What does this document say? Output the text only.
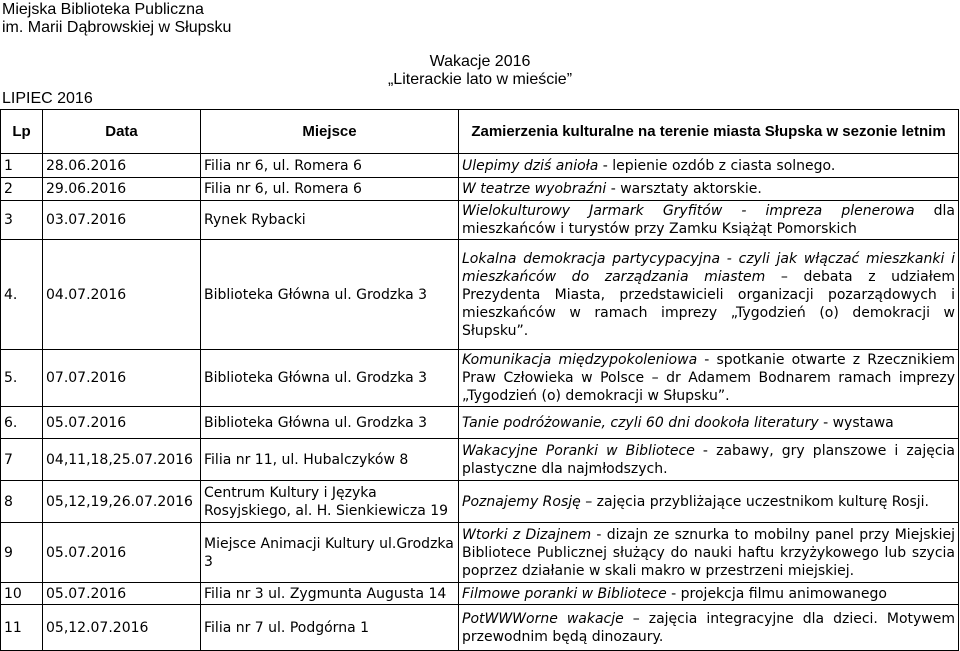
Miejska Biblioteka Publiczna
im. Marii Dąbrowskiej w Słupsku
Wakacje 2016
„Literackie lato w mieście”
LIPIEC 2016
Lp	Data	Miejsce	Zamierzenia kulturalne na terenie miasta Słupska w sezonie letnim
1	28.06.2016	Filia nr 6, ul. Romera 6	Ulepimy dziś anioła - lepienie ozdób z ciasta solnego.
2	29.06.2016	Filia nr 6, ul. Romera 6	W teatrze wyobraźni - warsztaty aktorskie.
3	03.07.2016	Rynek Rybacki	Wielokulturowy Jarmark Gryfitów - impreza plenerowa dla mieszkańców i turystów przy Zamku Książąt Pomorskich
4.	04.07.2016	Biblioteka Główna ul. Grodzka 3	Lokalna demokracja partycypacyjna - czyli jak włączać mieszkanki i mieszkańców do zarządzania miastem – debata z udziałem Prezydenta Miasta, przedstawicieli organizacji pozarządowych i mieszkańców w ramach imprezy „Tygodzień (o) demokracji w Słupsku”.
5.	07.07.2016	Biblioteka Główna ul. Grodzka 3	Komunikacja międzypokoleniowa - spotkanie otwarte z Rzecznikiem Praw Człowieka w Polsce – dr Adamem Bodnarem ramach imprezy „Tygodzień (o) demokracji w Słupsku”.
6.	05.07.2016	Biblioteka Główna ul. Grodzka 3	Tanie podróżowanie, czyli 60 dni dookoła literatury - wystawa
7	04,11,18,25.07.2016	Filia nr 11, ul. Hubalczyków 8	Wakacyjne Poranki w Bibliotece - zabawy, gry planszowe i zajęcia plastyczne dla najmłodszych.
8	05,12,19,26.07.2016	Centrum Kultury i Języka Rosyjskiego, al. H. Sienkiewicza 19	Poznajemy Rosję – zajęcia przybliżające uczestnikom kulturę Rosji.
9	05.07.2016	Miejsce Animacji Kultury ul.Grodzka 3	Wtorki z Dizajnem - dizajn ze sznurka to mobilny panel przy Miejskiej Bibliotece Publicznej służący do nauki haftu krzyżykowego lub szycia poprzez działanie w skali makro w przestrzeni miejskiej.
10	05.07.2016	Filia nr 3 ul. Zygmunta Augusta 14	Filmowe poranki w Bibliotece - projekcja filmu animowanego
11	05,12.07.2016	Filia nr 7 ul. Podgórna 1	PotWWWorne wakacje – zajęcia integracyjne dla dzieci. Motywem przewodnim będą dinozaury.
